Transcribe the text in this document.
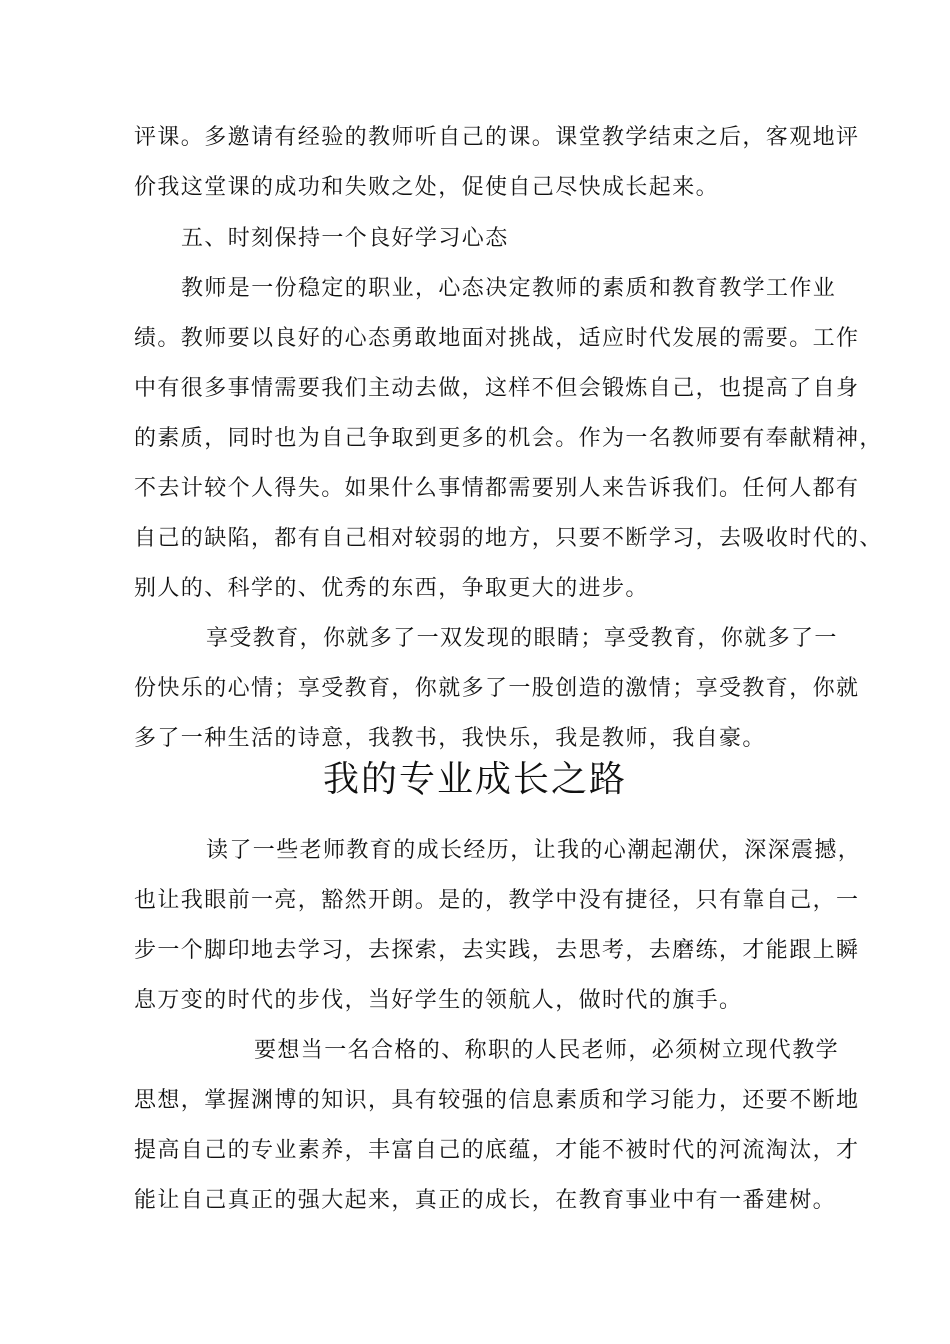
评课。多邀请有经验的教师听自己的课。课堂教学结束之后，客观地评
价我这堂课的成功和失败之处，促使自己尽快成长起来。
五、时刻保持一个良好学习心态
教师是一份稳定的职业，心态决定教师的素质和教育教学工作业
绩。教师要以良好的心态勇敢地面对挑战，适应时代发展的需要。工作
中有很多事情需要我们主动去做，这样不但会锻炼自己，也提高了自身
的素质，同时也为自己争取到更多的机会。作为一名教师要有奉献精神，
不去计较个人得失。如果什么事情都需要别人来告诉我们。任何人都有
自己的缺陷，都有自己相对较弱的地方，只要不断学习，去吸收时代的、
别人的、科学的、优秀的东西，争取更大的进步。
享受教育，你就多了一双发现的眼睛；享受教育，你就多了一
份快乐的心情；享受教育，你就多了一股创造的激情；享受教育，你就
多了一种生活的诗意，我教书，我快乐，我是教师，我自豪。
我的专业成长之路
读了一些老师教育的成长经历，让我的心潮起潮伏，深深震撼，
也让我眼前一亮，豁然开朗。是的，教学中没有捷径，只有靠自己，一
步一个脚印地去学习，去探索，去实践，去思考，去磨练，才能跟上瞬
息万变的时代的步伐，当好学生的领航人，做时代的旗手。
要想当一名合格的、称职的人民老师，必须树立现代教学
思想，掌握渊博的知识，具有较强的信息素质和学习能力，还要不断地
提高自己的专业素养，丰富自己的底蕴，才能不被时代的河流淘汰，才
能让自己真正的强大起来，真正的成长，在教育事业中有一番建树。
